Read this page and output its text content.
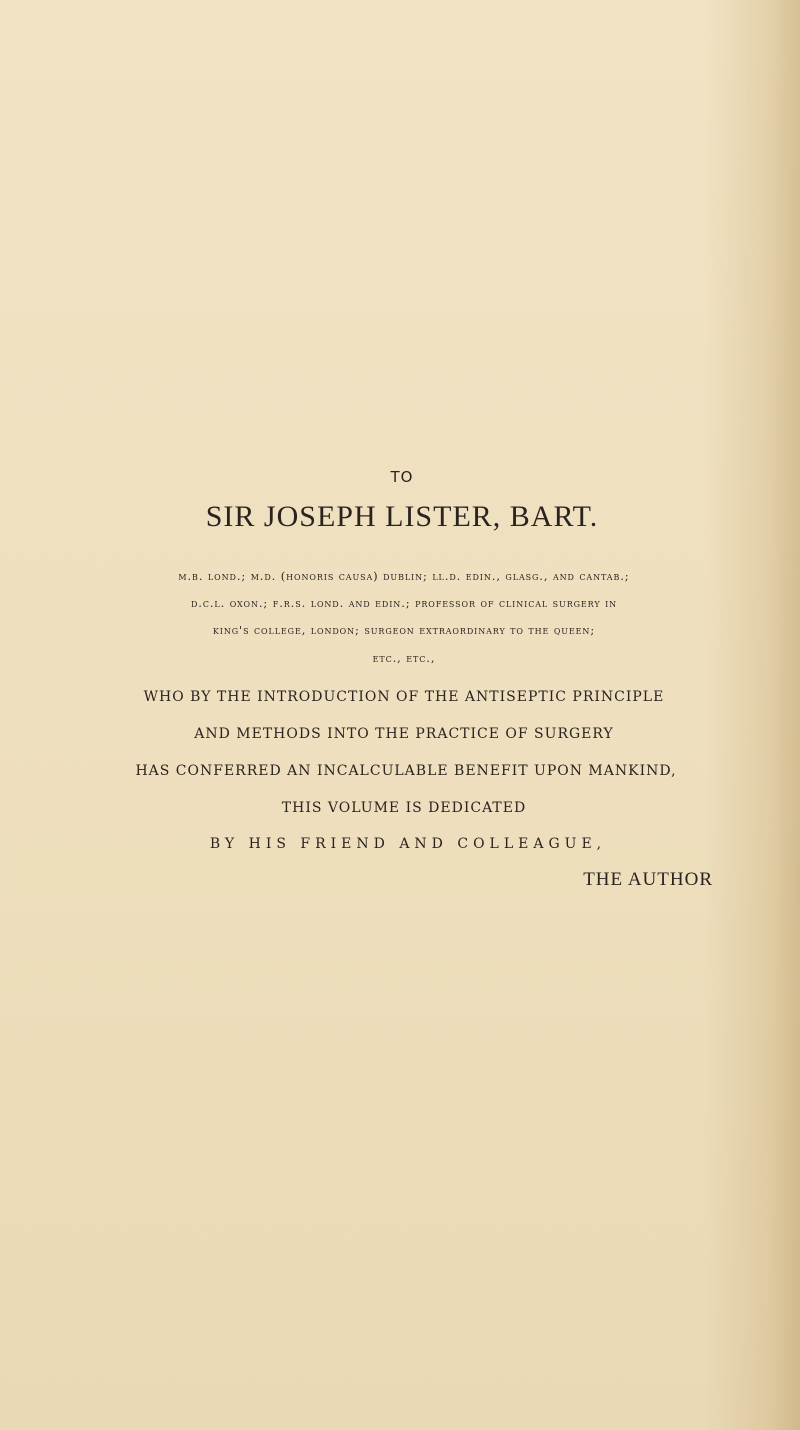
TO
SIR JOSEPH LISTER, BART.
m.b. lond.; m.d. (honoris causa) dublin; ll.d. edin., glasg., and cantab.;
d.c.l. oxon.; f.r.s. lond. and edin.; professor of clinical surgery in
king's college, london; surgeon extraordinary to the queen;
etc., etc.,
WHO BY THE INTRODUCTION OF THE ANTISEPTIC PRINCIPLE
AND METHODS INTO THE PRACTICE OF SURGERY
HAS CONFERRED AN INCALCULABLE BENEFIT UPON MANKIND,
THIS VOLUME IS DEDICATED
BY HIS FRIEND AND COLLEAGUE,
THE AUTHOR
